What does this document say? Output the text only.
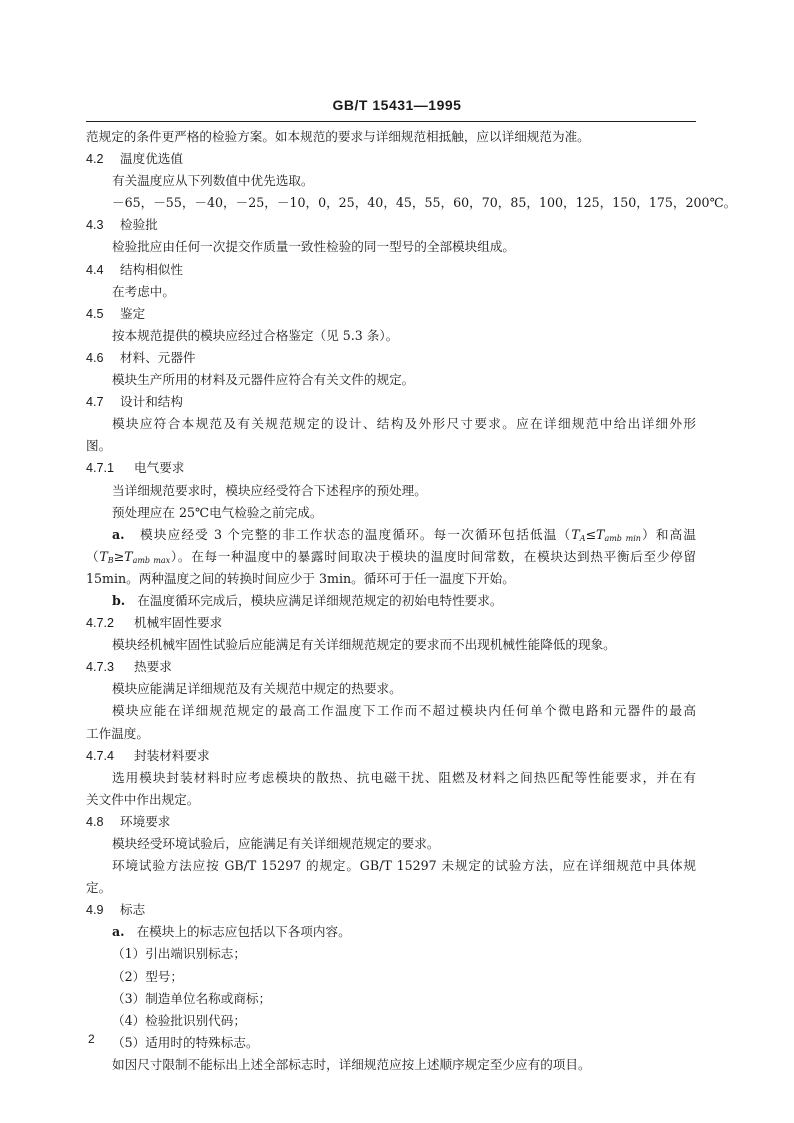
GB/T 15431—1995
范规定的条件更严格的检验方案。如本规范的要求与详细规范相抵触，应以详细规范为准。
4.2 温度优选值
有关温度应从下列数值中优先选取。
－65，－55，－40，－25，－10，0，25，40，45，55，60，70，85，100，125，150，175，200℃。
4.3 检验批
检验批应由任何一次提交作质量一致性检验的同一型号的全部模块组成。
4.4 结构相似性
在考虑中。
4.5 鉴定
按本规范提供的模块应经过合格鉴定（见 5.3 条）。
4.6 材料、元器件
模块生产所用的材料及元器件应符合有关文件的规定。
4.7 设计和结构
模块应符合本规范及有关规范规定的设计、结构及外形尺寸要求。应在详细规范中给出详细外形
图。
4.7.1 电气要求
当详细规范要求时，模块应经受符合下述程序的预处理。
预处理应在 25℃电气检验之前完成。
a. 模块应经受 3 个完整的非工作状态的温度循环。每一次循环包括低温$(T_A\le T_{amb min})$和高温
$(T_B\ge T_{amb max})$。在每一种温度中的暴露时间取决于模块的温度时间常数，在模块达到热平衡后至少停留
15min。两种温度之间的转换时间应少于 3min。循环可于任一温度下开始。
b. 在温度循环完成后，模块应满足详细规范规定的初始电特性要求。
4.7.2 机械牢固性要求
模块经机械牢固性试验后应能满足有关详细规范规定的要求而不出现机械性能降低的现象。
4.7.3 热要求
模块应能满足详细规范及有关规范中规定的热要求。
模块应能在详细规范规定的最高工作温度下工作而不超过模块内任何单个微电路和元器件的最高
工作温度。
4.7.4 封装材料要求
选用模块封装材料时应考虑模块的散热、抗电磁干扰、阻燃及材料之间热匹配等性能要求，并在有
关文件中作出规定。
4.8 环境要求
模块经受环境试验后，应能满足有关详细规范规定的要求。
环境试验方法应按 GB/T 15297 的规定。GB/T 15297 未规定的试验方法，应在详细规范中具体规
定。
4.9 标志
a. 在模块上的标志应包括以下各项内容。
（1）引出端识别标志；
（2）型号；
（3）制造单位名称或商标；
（4）检验批识别代码；
（5）适用时的特殊标志。
如因尺寸限制不能标出上述全部标志时，详细规范应按上述顺序规定至少应有的项目。
2
